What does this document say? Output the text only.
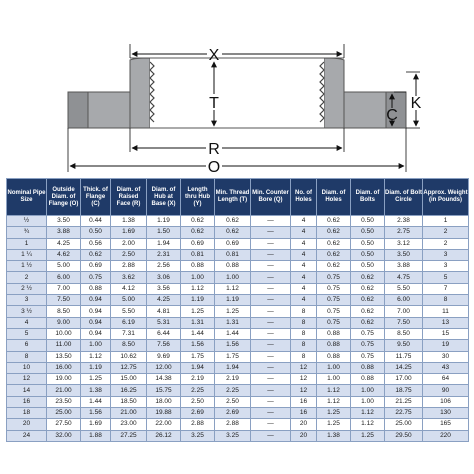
X
T
C
K
R
O
Nominal Pipe Size	Outside Diam. of Flange (O)	Thick. of Flange (C)	Diam. of Raised Face (R)	Diam. of Hub at Base (X)	Length thru Hub (Y)	Min. Thread Length (T)	Min. Counter Bore (Q)	No. of Holes	Diam. of Holes	Diam. of Bolts	Diam. of Bolt Circle	Approx. Weight (in Pounds)
½	3.50	0.44	1.38	1.19	0.62	0.62	—	4	0.62	0.50	2.38	1
¾	3.88	0.50	1.69	1.50	0.62	0.62	—	4	0.62	0.50	2.75	2
1	4.25	0.56	2.00	1.94	0.69	0.69	—	4	0.62	0.50	3.12	2
1 ¼	4.62	0.62	2.50	2.31	0.81	0.81	—	4	0.62	0.50	3.50	3
1 ½	5.00	0.69	2.88	2.56	0.88	0.88	—	4	0.62	0.50	3.88	3
2	6.00	0.75	3.62	3.06	1.00	1.00	—	4	0.75	0.62	4.75	5
2 ½	7.00	0.88	4.12	3.56	1.12	1.12	—	4	0.75	0.62	5.50	7
3	7.50	0.94	5.00	4.25	1.19	1.19	—	4	0.75	0.62	6.00	8
3 ½	8.50	0.94	5.50	4.81	1.25	1.25	—	8	0.75	0.62	7.00	11
4	9.00	0.94	6.19	5.31	1.31	1.31	—	8	0.75	0.62	7.50	13
5	10.00	0.94	7.31	6.44	1.44	1.44	—	8	0.88	0.75	8.50	15
6	11.00	1.00	8.50	7.56	1.56	1.56	—	8	0.88	0.75	9.50	19
8	13.50	1.12	10.62	9.69	1.75	1.75	—	8	0.88	0.75	11.75	30
10	16.00	1.19	12.75	12.00	1.94	1.94	—	12	1.00	0.88	14.25	43
12	19.00	1.25	15.00	14.38	2.19	2.19	—	12	1.00	0.88	17.00	64
14	21.00	1.38	16.25	15.75	2.25	2.25	—	12	1.12	1.00	18.75	90
16	23.50	1.44	18.50	18.00	2.50	2.50	—	16	1.12	1.00	21.25	106
18	25.00	1.56	21.00	19.88	2.69	2.69	—	16	1.25	1.12	22.75	130
20	27.50	1.69	23.00	22.00	2.88	2.88	—	20	1.25	1.12	25.00	165
24	32.00	1.88	27.25	26.12	3.25	3.25	—	20	1.38	1.25	29.50	220
